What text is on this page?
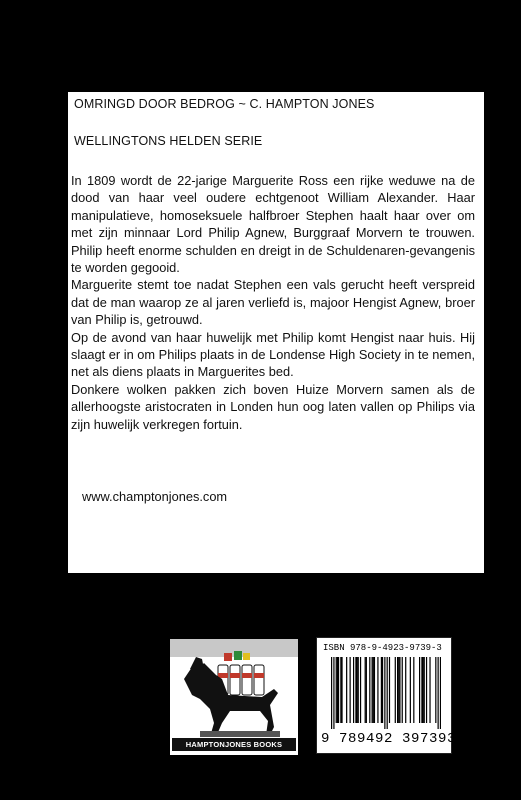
OMRINGD DOOR BEDROG ~ C. HAMPTON JONES
WELLINGTONS HELDEN SERIE

In 1809 wordt de 22-jarige Marguerite Ross een rijke weduwe na de dood van haar veel oudere echtgenoot William Alexander. Haar manipulatieve, homoseksuele halfbroer Stephen haalt haar over om met zijn minnaar Lord Philip Agnew, Burggraaf Morvern te trouwen. Philip heeft enorme schulden en dreigt in de Schuldenaren-gevangenis te worden gegooid.

Marguerite stemt toe nadat Stephen een vals gerucht heeft verspreid dat de man waarop ze al jaren verliefd is, majoor Hengist Agnew, broer van Philip is, getrouwd.

Op de avond van haar huwelijk met Philip komt Hengist naar huis. Hij slaagt er in om Philips plaats in de Londense High Society in te nemen, net als diens plaats in Marguerites bed.

Donkere wolken pakken zich boven Huize Morvern samen als de allerhoogste aristocraten in Londen hun oog laten vallen op Philips via zijn huwelijk verkregen fortuin.

www.champtonjones.com
HAMPTONJONES BOOKS
ISBN 978-9-4923-9739-3
9 789492 397393
